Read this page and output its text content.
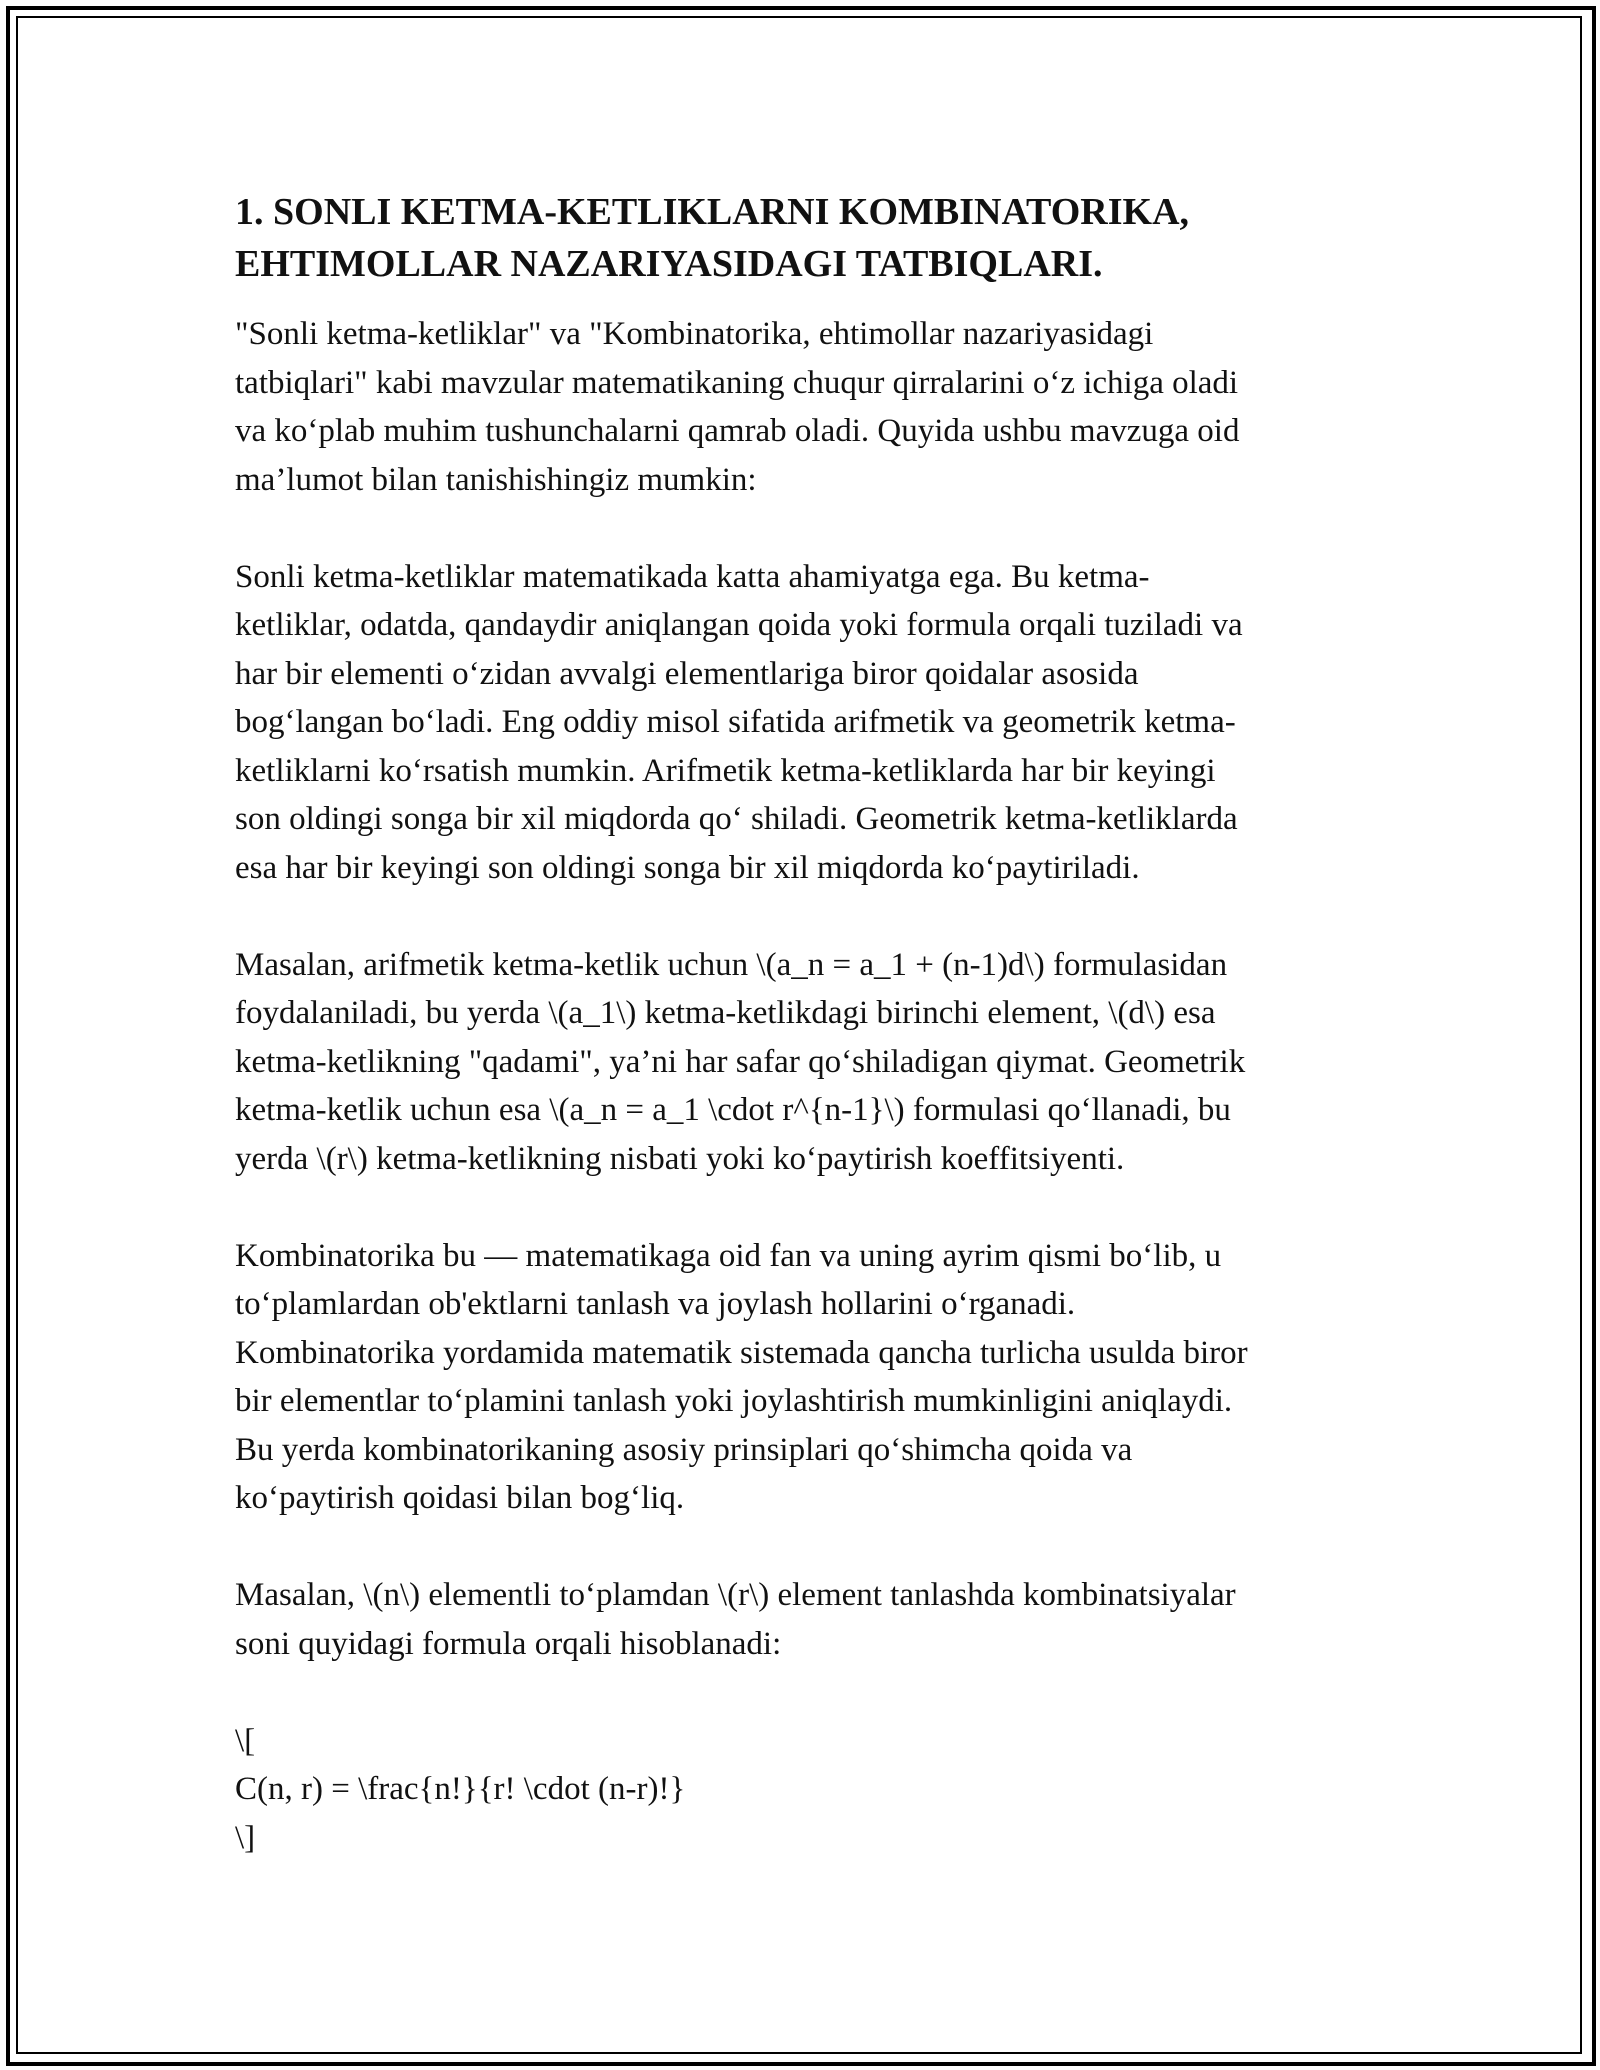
1. SONLI KETMA-KETLIKLARNI KOMBINATORIKA,
EHTIMOLLAR NAZARIYASIDAGI TATBIQLARI.

"Sonli ketma-ketliklar" va "Kombinatorika, ehtimollar nazariyasidagi
tatbiqlari" kabi mavzular matematikaning chuqur qirralarini o‘z ichiga oladi
va ko‘plab muhim tushunchalarni qamrab oladi. Quyida ushbu mavzuga oid
ma’lumot bilan tanishishingiz mumkin:

Sonli ketma-ketliklar matematikada katta ahamiyatga ega. Bu ketma-
ketliklar, odatda, qandaydir aniqlangan qoida yoki formula orqali tuziladi va
har bir elementi o‘zidan avvalgi elementlariga biror qoidalar asosida
bog‘langan bo‘ladi. Eng oddiy misol sifatida arifmetik va geometrik ketma-
ketliklarni ko‘rsatish mumkin. Arifmetik ketma-ketliklarda har bir keyingi
son oldingi songa bir xil miqdorda qo‘ shiladi. Geometrik ketma-ketliklarda
esa har bir keyingi son oldingi songa bir xil miqdorda ko‘paytiriladi.

Masalan, arifmetik ketma-ketlik uchun \(a_n = a_1 + (n-1)d\) formulasidan
foydalaniladi, bu yerda \(a_1\) ketma-ketlikdagi birinchi element, \(d\) esa
ketma-ketlikning "qadami", ya’ni har safar qo‘shiladigan qiymat. Geometrik
ketma-ketlik uchun esa \(a_n = a_1 \cdot r^{n-1}\) formulasi qo‘llanadi, bu
yerda \(r\) ketma-ketlikning nisbati yoki ko‘paytirish koeffitsiyenti.

Kombinatorika bu — matematikaga oid fan va uning ayrim qismi bo‘lib, u
to‘plamlardan ob'ektlarni tanlash va joylash hollarini o‘rganadi.
Kombinatorika yordamida matematik sistemada qancha turlicha usulda biror
bir elementlar to‘plamini tanlash yoki joylashtirish mumkinligini aniqlaydi.
Bu yerda kombinatorikaning asosiy prinsiplari qo‘shimcha qoida va
ko‘paytirish qoidasi bilan bog‘liq.

Masalan, \(n\) elementli to‘plamdan \(r\) element tanlashda kombinatsiyalar
soni quyidagi formula orqali hisoblanadi:

\[
C(n, r) = \frac{n!}{r! \cdot (n-r)!}
\]
